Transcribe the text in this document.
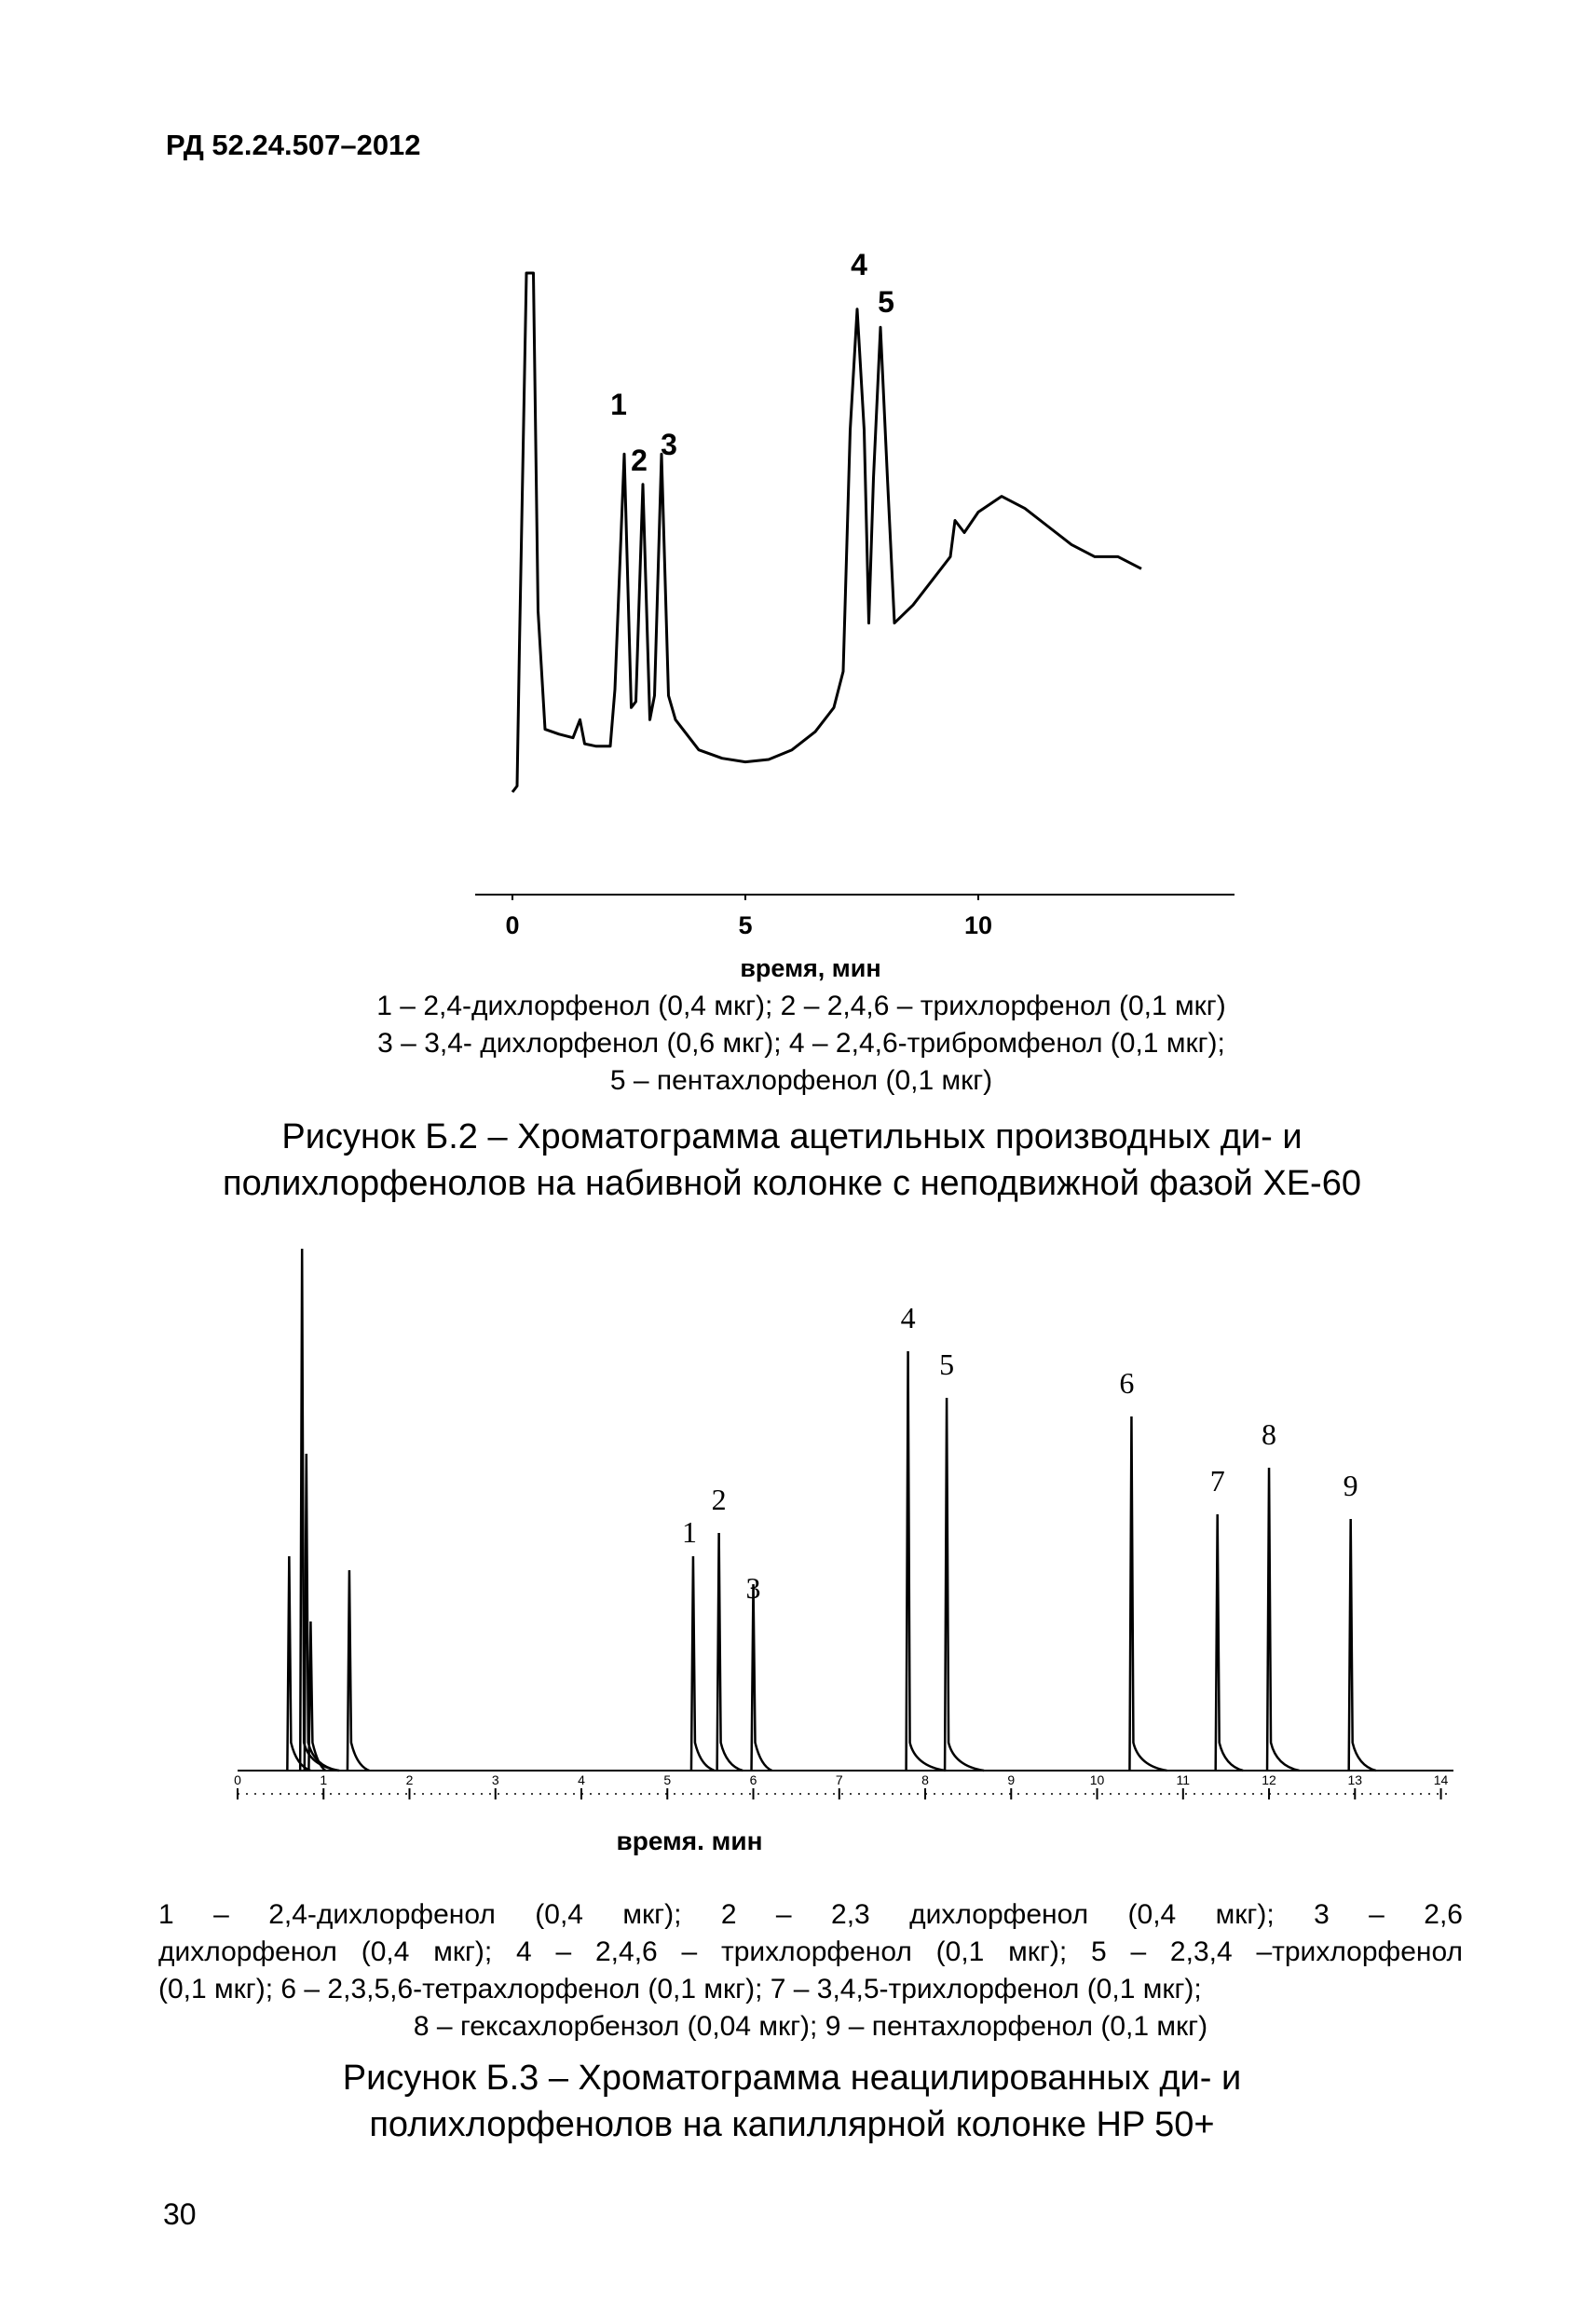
РД 52.24.507–2012
0	5	10
1
2 3
4
5
время, мин
1 – 2,4-дихлорфенол (0,4 мкг); 2 – 2,4,6 – трихлорфенол (0,1 мкг)
3 – 3,4- дихлорфенол (0,6 мкг); 4 – 2,4,6-трибромфенол (0,1 мкг);
5 – пентахлорфенол (0,1 мкг)
Рисунок Б.2 – Хроматограмма ацетильных производных ди- и
полихлорфенолов на набивной колонке с неподвижной фазой ХЕ-60
0	1	2	3	4	5	6	7	8	9	10	11	12	13	14
1
2
3
4
5
6
7
8
9
время. мин
1 – 2,4-дихлорфенол (0,4 мкг); 2 – 2,3 дихлорфенол (0,4 мкг); 3 – 2,6
дихлорфенол (0,4 мкг); 4 – 2,4,6 – трихлорфенол (0,1 мкг); 5 – 2,3,4 –трихлорфенол
(0,1 мкг); 6 – 2,3,5,6-тетрахлорфенол (0,1 мкг); 7 – 3,4,5-трихлорфенол (0,1 мкг);
8 – гексахлорбензол (0,04 мкг); 9 – пентахлорфенол (0,1 мкг)
Рисунок Б.3 – Хроматограмма неацилированных ди- и
полихлорфенолов на капиллярной колонке HP 50+
30
